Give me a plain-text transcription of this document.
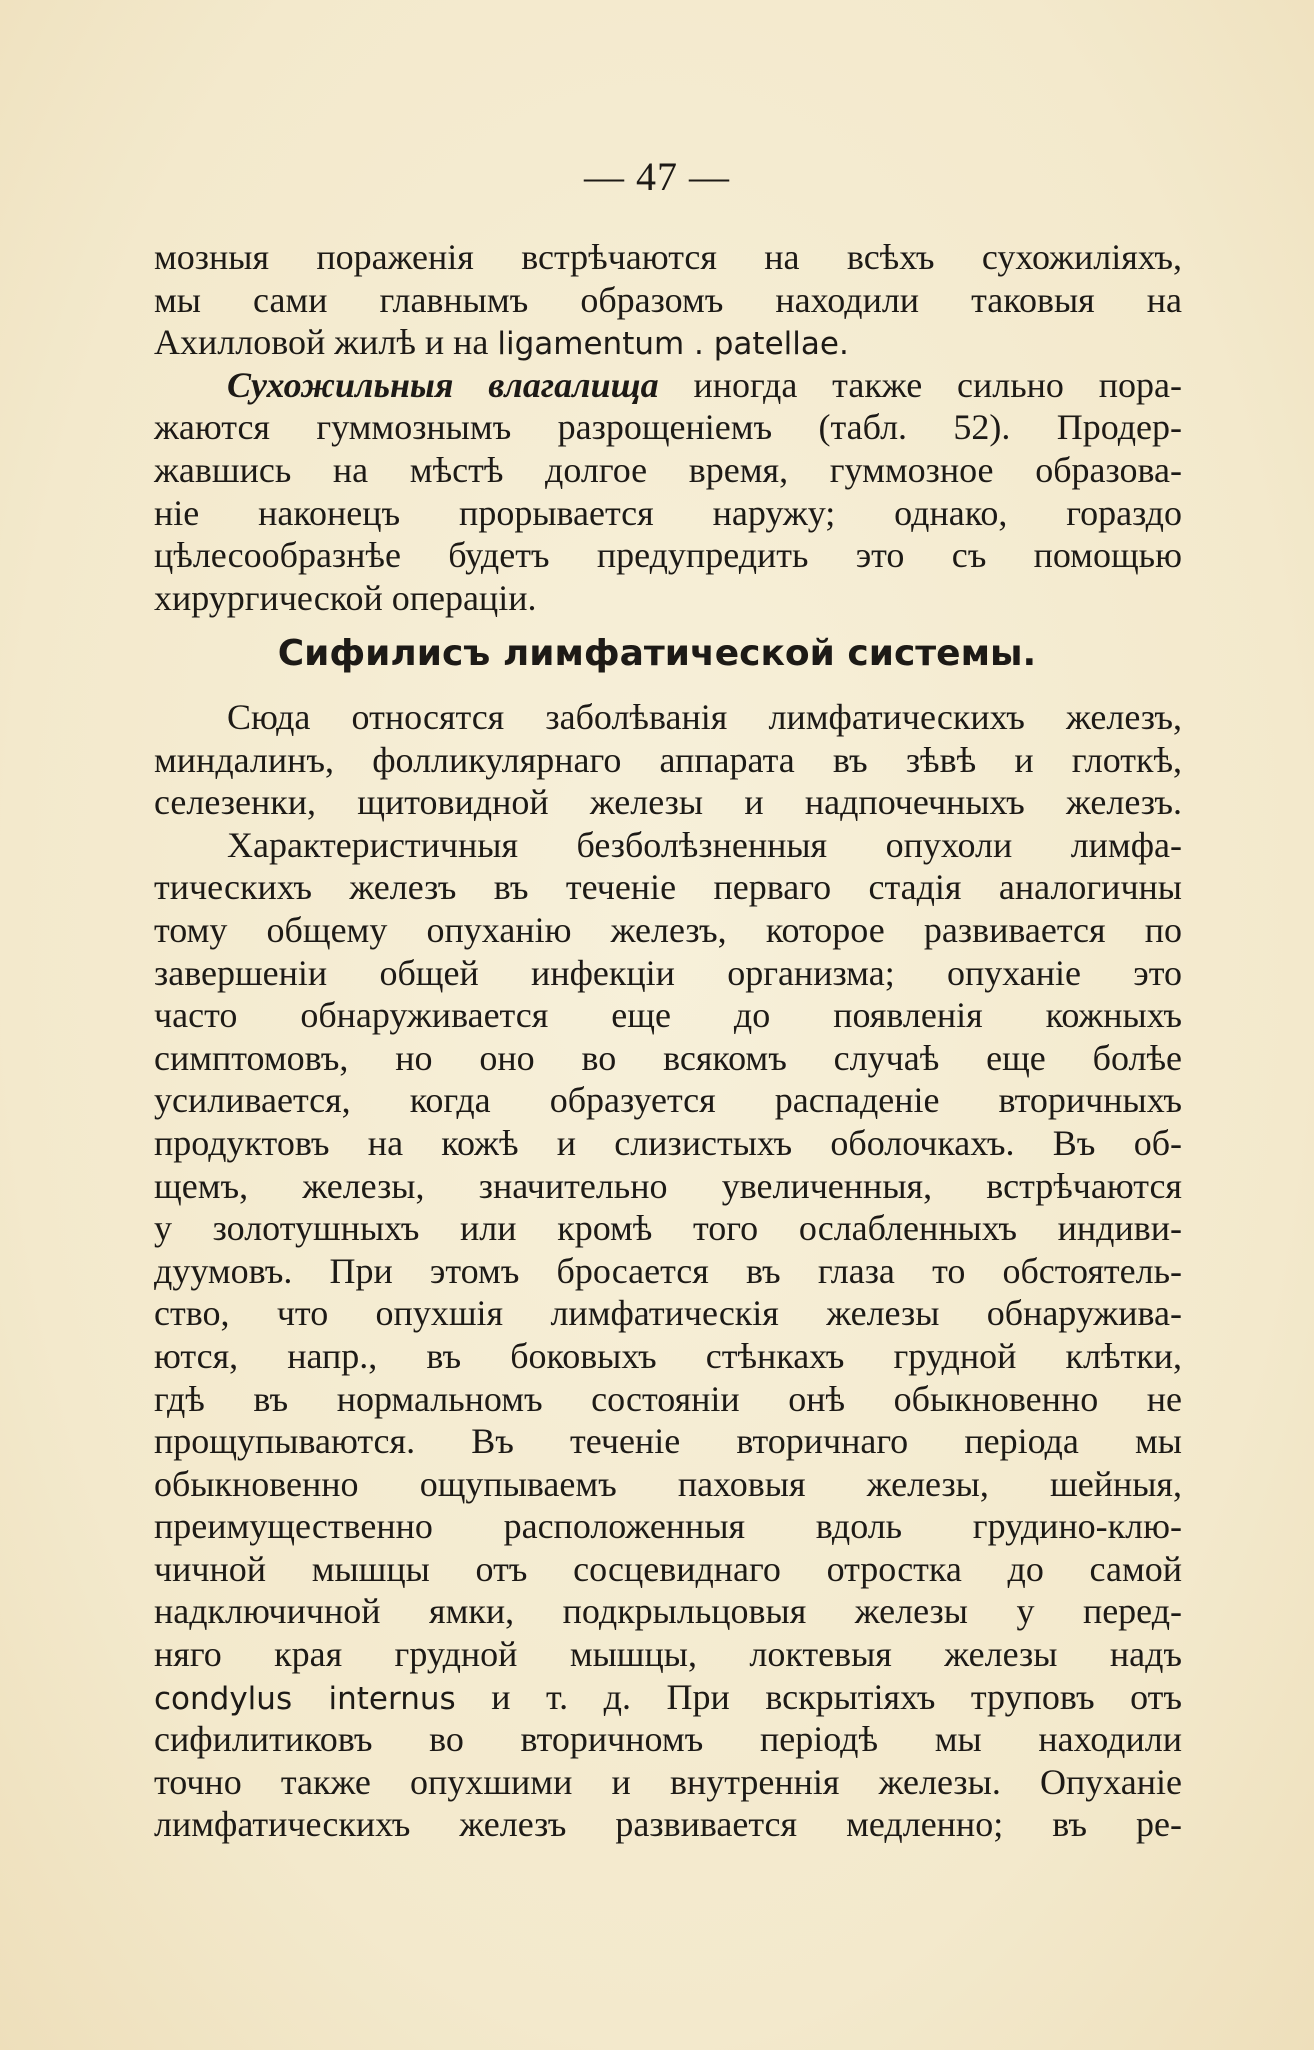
— 47 —
мозныя пораженія встрѣчаются на всѣхъ сухожиліяхъ,
мы сами главнымъ образомъ находили таковыя на
Ахилловой жилѣ и на ligamentum . patellae.
Сухожильныя влагалища иногда также сильно пора-
жаются гуммознымъ разрощеніемъ (табл. 52). Продер-
жавшись на мѣстѣ долгое время, гуммозное образова-
ніе наконецъ прорывается наружу; однако, гораздо
цѣлесообразнѣе будетъ предупредить это съ помощью
хирургической операціи.
Сифилисъ лимфатической системы.
Сюда относятся заболѣванія лимфатическихъ железъ,
миндалинъ, фолликулярнаго аппарата въ зѣвѣ и глоткѣ,
селезенки, щитовидной железы и надпочечныхъ железъ.
Характеристичныя безболѣзненныя опухоли лимфа-
тическихъ железъ въ теченіе перваго стадія аналогичны
тому общему опуханію железъ, которое развивается по
завершеніи общей инфекціи организма; опуханіе это
часто обнаруживается еще до появленія кожныхъ
симптомовъ, но оно во всякомъ случаѣ еще болѣе
усиливается, когда образуется распаденіе вторичныхъ
продуктовъ на кожѣ и слизистыхъ оболочкахъ. Въ об-
щемъ, железы, значительно увеличенныя, встрѣчаются
у золотушныхъ или кромѣ того ослабленныхъ индиви-
дуумовъ. При этомъ бросается въ глаза то обстоятель-
ство, что опухшія лимфатическія железы обнаружива-
ются, напр., въ боковыхъ стѣнкахъ грудной клѣтки,
гдѣ въ нормальномъ состояніи онѣ обыкновенно не
прощупываются. Въ теченіе вторичнаго періода мы
обыкновенно ощупываемъ паховыя железы, шейныя,
преимущественно расположенныя вдоль грудино-клю-
чичной мышцы отъ сосцевиднаго отростка до самой
надключичной ямки, подкрыльцовыя железы у перед-
няго края грудной мышцы, локтевыя железы надъ
condylus internus и т. д. При вскрытіяхъ труповъ отъ
сифилитиковъ во вторичномъ періодѣ мы находили
точно также опухшими и внутреннія железы. Опуханіе
лимфатическихъ железъ развивается медленно; въ ре-
